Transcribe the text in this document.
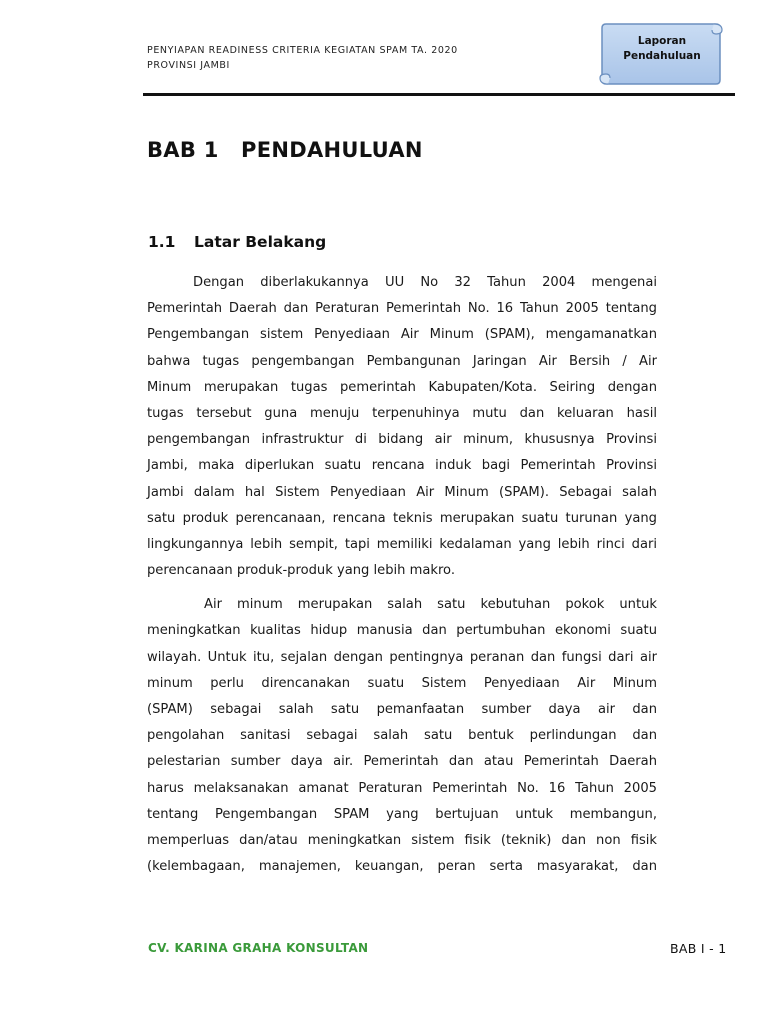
PENYIAPAN READINESS CRITERIA KEGIATAN SPAM TA. 2020
PROVINSI JAMBI
Laporan
Pendahuluan
BAB 1 PENDAHULUAN
1.1 Latar Belakang
Dengan diberlakukannya UU No 32 Tahun 2004 mengenai
Pemerintah Daerah dan Peraturan Pemerintah No. 16 Tahun 2005 tentang
Pengembangan sistem Penyediaan Air Minum (SPAM), mengamanatkan
bahwa tugas pengembangan Pembangunan Jaringan Air Bersih / Air
Minum merupakan tugas pemerintah Kabupaten/Kota. Seiring dengan
tugas tersebut guna menuju terpenuhinya mutu dan keluaran hasil
pengembangan infrastruktur di bidang air minum, khususnya Provinsi
Jambi, maka diperlukan suatu rencana induk bagi Pemerintah Provinsi
Jambi dalam hal Sistem Penyediaan Air Minum (SPAM). Sebagai salah
satu produk perencanaan, rencana teknis merupakan suatu turunan yang
lingkungannya lebih sempit, tapi memiliki kedalaman yang lebih rinci dari
perencanaan produk-produk yang lebih makro.
Air minum merupakan salah satu kebutuhan pokok untuk
meningkatkan kualitas hidup manusia dan pertumbuhan ekonomi suatu
wilayah. Untuk itu, sejalan dengan pentingnya peranan dan fungsi dari air
minum perlu direncanakan suatu Sistem Penyediaan Air Minum
(SPAM) sebagai salah satu pemanfaatan sumber daya air dan
pengolahan sanitasi sebagai salah satu bentuk perlindungan dan
pelestarian sumber daya air. Pemerintah dan atau Pemerintah Daerah
harus melaksanakan amanat Peraturan Pemerintah No. 16 Tahun 2005
tentang Pengembangan SPAM yang bertujuan untuk membangun,
memperluas dan/atau meningkatkan sistem fisik (teknik) dan non fisik
(kelembagaan, manajemen, keuangan, peran serta masyarakat, dan
CV. KARINA GRAHA KONSULTAN	BAB I - 1
